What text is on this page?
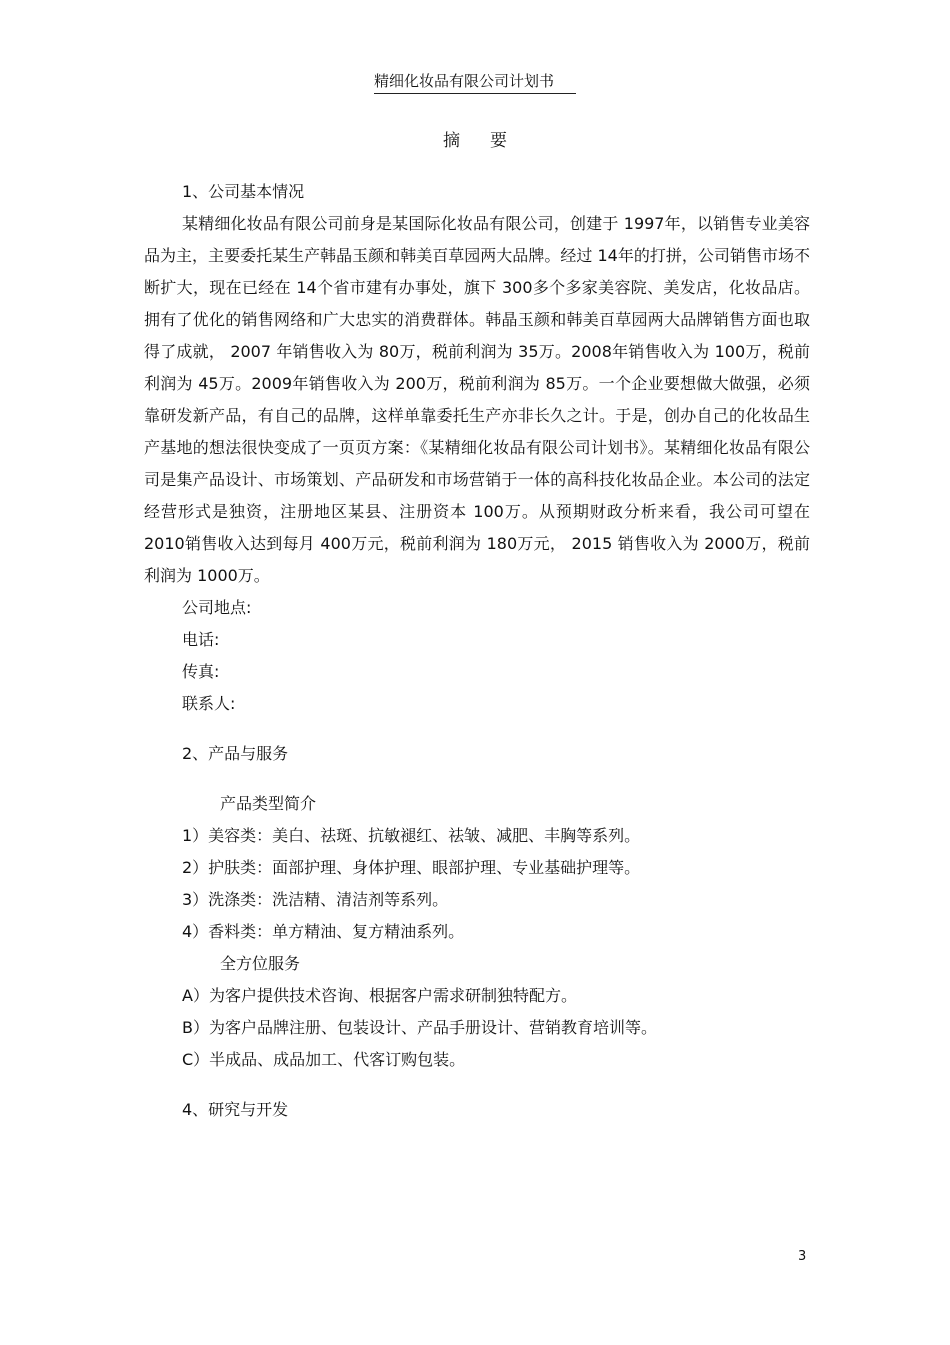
精细化妆品有限公司计划书
摘要

1、公司基本情况

某精细化妆品有限公司前身是某国际化妆品有限公司，创建于 1997年，以销售专业美容品为主，主要委托某生产韩晶玉颜和韩美百草园两大品牌。经过 14年的打拼，公司销售市场不断扩大，现在已经在 14个省市建有办事处，旗下 300多个多家美容院、美发店，化妆品店。拥有了优化的销售网络和广大忠实的消费群体。韩晶玉颜和韩美百草园两大品牌销售方面也取得了成就， 2007 年销售收入为 80万，税前利润为 35万。2008年销售收入为 100万，税前利润为 45万。2009年销售收入为 200万，税前利润为 85万。一个企业要想做大做强，必须靠研发新产品，有自己的品牌，这样单靠委托生产亦非长久之计。于是，创办自己的化妆品生产基地的想法很快变成了一页页方案：《某精细化妆品有限公司计划书》。某精细化妆品有限公司是集产品设计、市场策划、产品研发和市场营销于一体的高科技化妆品企业。本公司的法定经营形式是独资，注册地区某县、注册资本 100万。从预期财政分析来看，我公司可望在 2010销售收入达到每月 400万元，税前利润为 180万元， 2015 销售收入为 2000万，税前利润为 1000万。

公司地点:

电话:

传真:

联系人:

2、产品与服务

产品类型简介

1）美容类：美白、祛斑、抗敏褪红、祛皱、减肥、丰胸等系列。

2）护肤类：面部护理、身体护理、眼部护理、专业基础护理等。

3）洗涤类：洗洁精、清洁剂等系列。

4）香料类：单方精油、复方精油系列。

全方位服务

A）为客户提供技术咨询、根据客户需求研制独特配方。

B）为客户品牌注册、包装设计、产品手册设计、营销教育培训等。

C）半成品、成品加工、代客订购包装。

4、研究与开发

3
